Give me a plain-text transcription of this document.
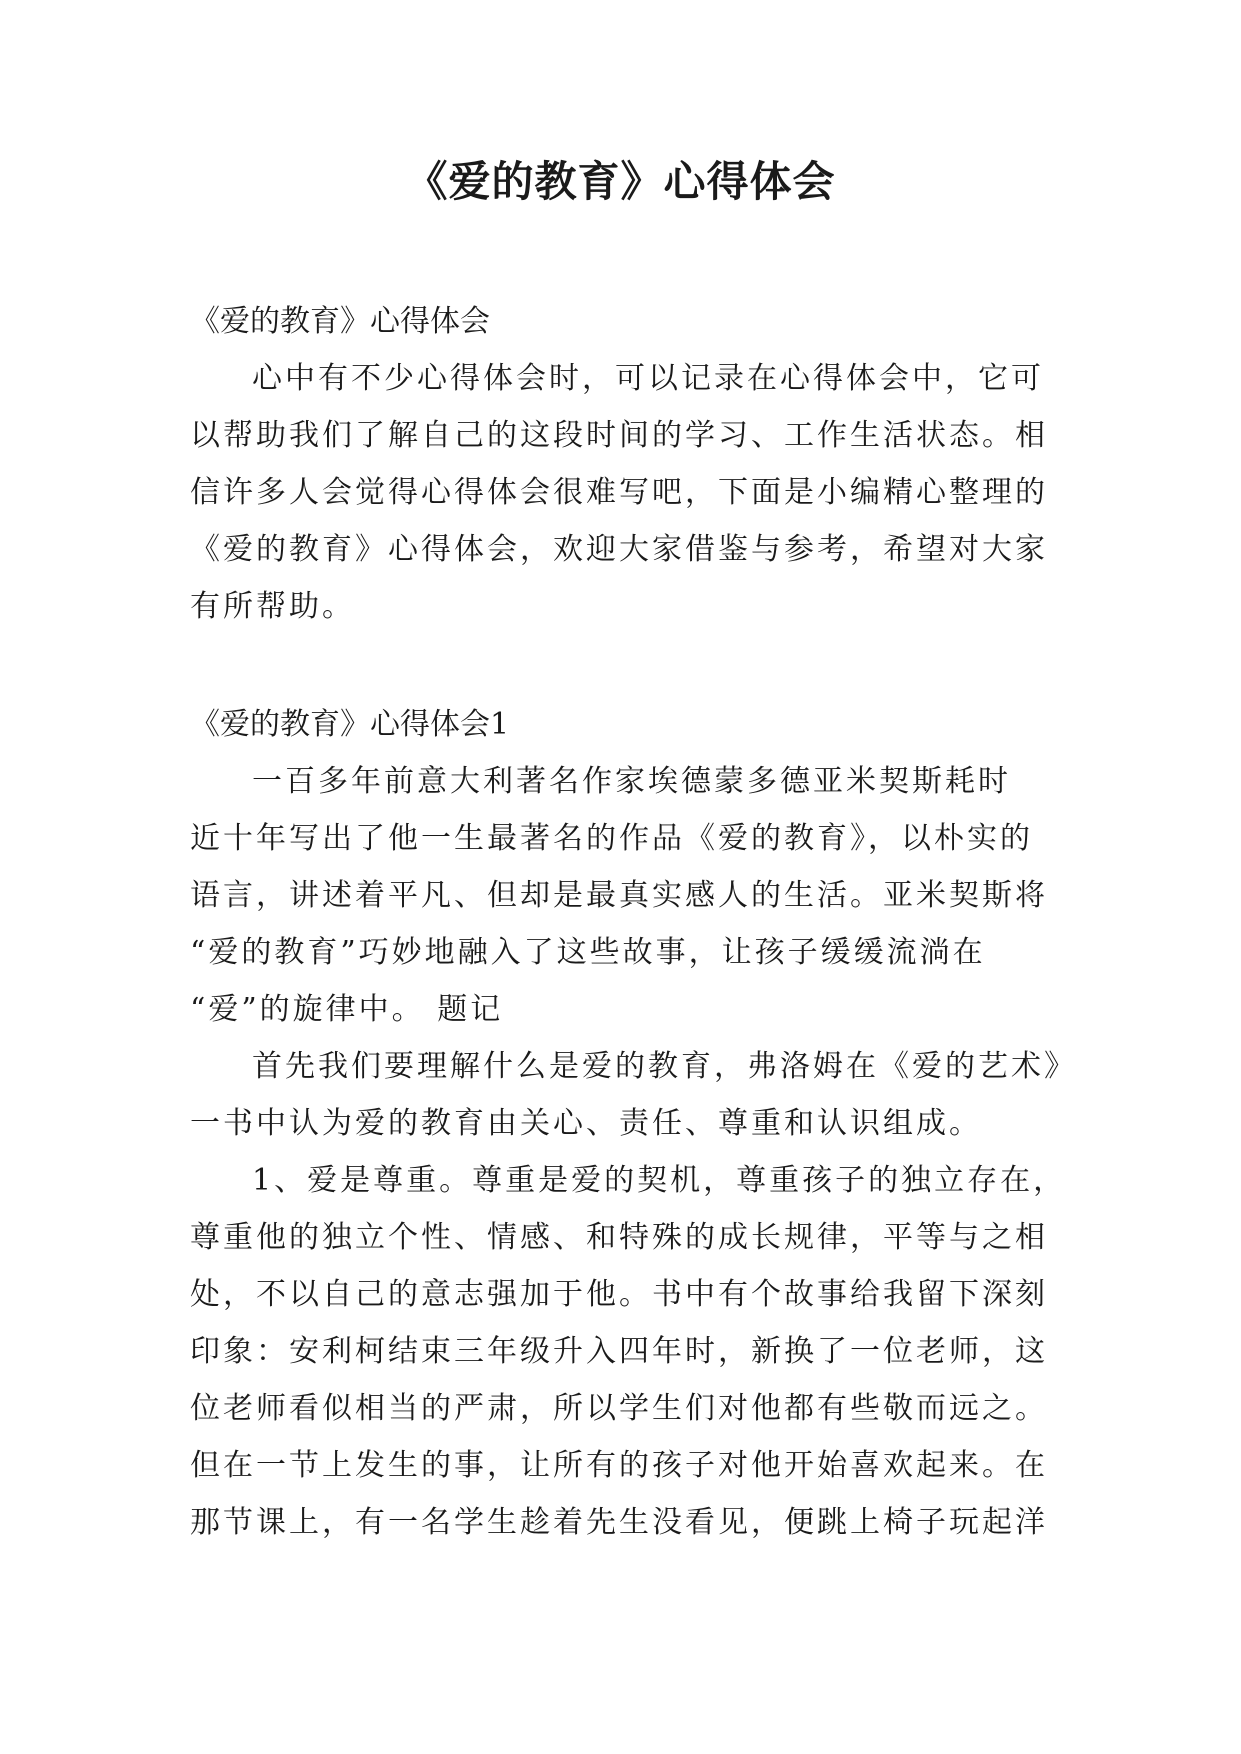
《爱的教育》心得体会

《爱的教育》心得体会

心中有不少心得体会时，可以记录在心得体会中，它可

以帮助我们了解自己的这段时间的学习、工作生活状态。相

信许多人会觉得心得体会很难写吧，下面是小编精心整理的

《爱的教育》心得体会，欢迎大家借鉴与参考，希望对大家

有所帮助。

《爱的教育》心得体会1

一百多年前意大利著名作家埃德蒙多德亚米契斯耗时

近十年写出了他一生最著名的作品《爱的教育》，以朴实的

语言，讲述着平凡、但却是最真实感人的生活。亚米契斯将

“爱的教育”巧妙地融入了这些故事，让孩子缓缓流淌在

“爱”的旋律中。 题记

首先我们要理解什么是爱的教育，弗洛姆在《爱的艺术》

一书中认为爱的教育由关心、责任、尊重和认识组成。

1、爱是尊重。尊重是爱的契机，尊重孩子的独立存在，

尊重他的独立个性、情感、和特殊的成长规律，平等与之相

处，不以自己的意志强加于他。书中有个故事给我留下深刻

印象：安利柯结束三年级升入四年时，新换了一位老师，这

位老师看似相当的严肃，所以学生们对他都有些敬而远之。

但在一节上发生的事，让所有的孩子对他开始喜欢起来。在

那节课上，有一名学生趁着先生没看见，便跳上椅子玩起洋
